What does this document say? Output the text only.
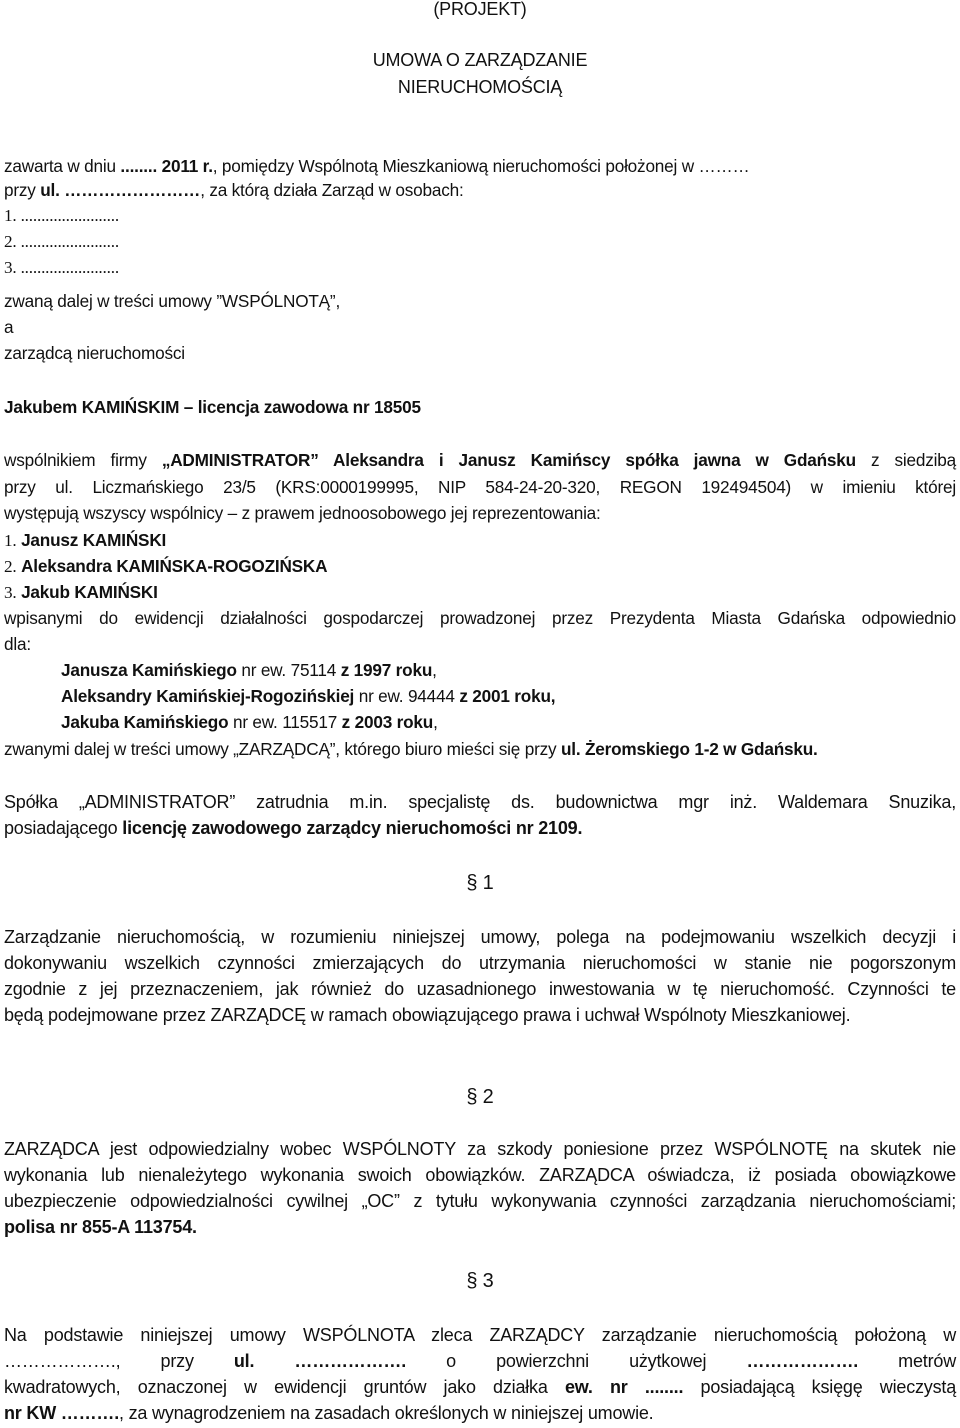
(PROJEKT)
UMOWA O ZARZĄDZANIE
NIERUCHOMOŚCIĄ
zawarta w dniu ........ 2011 r., pomiędzy Wspólnotą Mieszkaniową nieruchomości położonej w ………
przy ul. ……………………, za którą działa Zarząd w osobach:
1. ........................
2. ........................
3. ........................
zwaną dalej w treści umowy ”WSPÓLNOTĄ”,
a
zarządcą nieruchomości
Jakubem KAMIŃSKIM – licencja zawodowa nr 18505
wspólnikiem firmy „ADMINISTRATOR” Aleksandra i Janusz Kamińscy spółka jawna w Gdańsku z siedzibą
przy ul. Liczmańskiego 23/5 (KRS:0000199995, NIP 584-24-20-320, REGON 192494504) w imieniu której
występują wszyscy wspólnicy – z prawem jednoosobowego jej reprezentowania:
1. Janusz KAMIŃSKI
2. Aleksandra KAMIŃSKA-ROGOZIŃSKA
3. Jakub KAMIŃSKI
wpisanymi do ewidencji działalności gospodarczej prowadzonej przez Prezydenta Miasta Gdańska odpowiednio
dla:
Janusza Kamińskiego nr ew. 75114 z 1997 roku,
Aleksandry Kamińskiej-Rogozińskiej nr ew. 94444 z 2001 roku,
Jakuba Kamińskiego nr ew. 115517 z 2003 roku,
zwanymi dalej w treści umowy „ZARZĄDCĄ”, którego biuro mieści się przy ul. Żeromskiego 1-2 w Gdańsku.
Spółka „ADMINISTRATOR” zatrudnia m.in. specjalistę ds. budownictwa mgr inż. Waldemara Snuzika,
posiadającego licencję zawodowego zarządcy nieruchomości nr 2109.
§ 1
Zarządzanie nieruchomością, w rozumieniu niniejszej umowy, polega na podejmowaniu wszelkich decyzji i
dokonywaniu wszelkich czynności zmierzających do utrzymania nieruchomości w stanie nie pogorszonym
zgodnie z jej przeznaczeniem, jak również do uzasadnionego inwestowania w tę nieruchomość. Czynności te
będą podejmowane przez ZARZĄDCĘ w ramach obowiązującego prawa i uchwał Wspólnoty Mieszkaniowej.
§ 2
ZARZĄDCA jest odpowiedzialny wobec WSPÓLNOTY za szkody poniesione przez WSPÓLNOTĘ na skutek nie
wykonania lub nienależytego wykonania swoich obowiązków. ZARZĄDCA oświadcza, iż posiada obowiązkowe
ubezpieczenie odpowiedzialności cywilnej „OC” z tytułu wykonywania czynności zarządzania nieruchomościami;
polisa nr 855-A 113754.
§ 3
Na podstawie niniejszej umowy WSPÓLNOTA zleca ZARZĄDCY zarządzanie nieruchomością położoną w
………………., przy ul. ………………. o powierzchni użytkowej ………………. metrów
kwadratowych, oznaczonej w ewidencji gruntów jako działka ew. nr ........ posiadającą księgę wieczystą
nr KW ………., za wynagrodzeniem na zasadach określonych w niniejszej umowie.
